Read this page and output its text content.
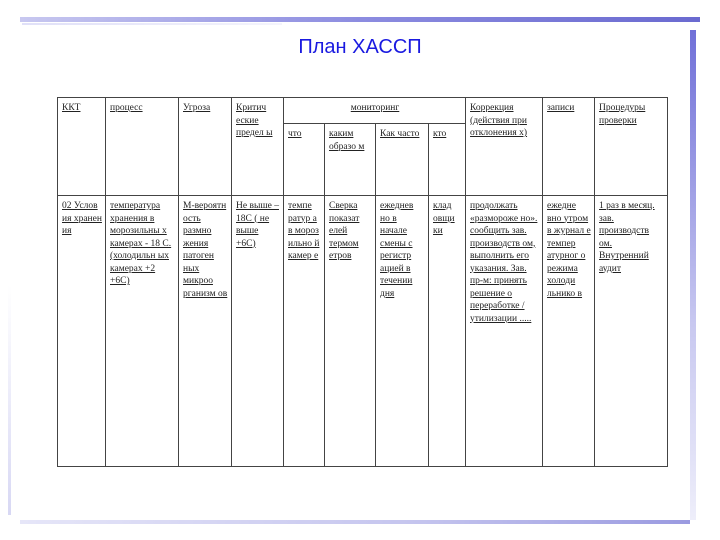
План ХАССП
ККТ	процесс	Угроза	Критич еские предел ы	мониторинг				Коррекция (действия при отклонения х)	записи	Процедуры проверки
				что	каким образо м	Как часто	кто			
02 Услов ия хранен ия	температура хранения в морозильны х камерах - 18 С. (холодильн ых камерах +2 +6С)	М-вероятн ость размно жения патоген ных микроо рганизм ов	Не выше – 18С ( не выше +6С)	темпе ратур а в мороз ильно й камер е	Сверка показат елей термом етров	ежеднев но в начале смены с регистр ацией в течении дня	клад овщи ки	продолжать «размороже но». сообщить зав. производств ом, выполнить его указания. Зав. пр-м: принять решение о переработке /утилизации .....	ежедне вно утром в журнал е темпер атурног о режима холоди льнико в	1 раз в месяц. зав. производств ом. Внутренний аудит
